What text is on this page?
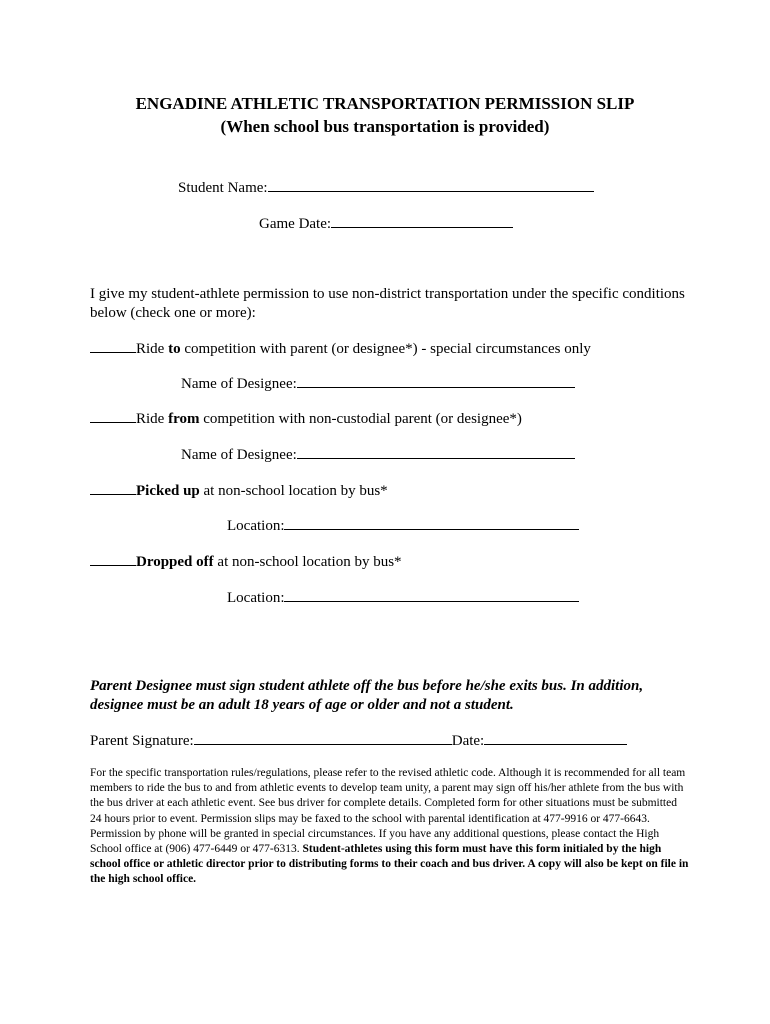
ENGADINE ATHLETIC TRANSPORTATION PERMISSION SLIP
(When school bus transportation is provided)
Student Name:
Game Date:
I give my student-athlete permission to use non-district transportation under the specific conditions below (check one or more):
Ride to competition with parent (or designee*) - special circumstances only
Name of Designee:
Ride from competition with non-custodial parent (or designee*)
Name of Designee:
Picked up at non-school location by bus*
Location:
Dropped off at non-school location by bus*
Location:
Parent Designee must sign student athlete off the bus before he/she exits bus. In addition, designee must be an adult 18 years of age or older and not a student.
Parent Signature:	Date:
For the specific transportation rules/regulations, please refer to the revised athletic code. Although it is recommended for all team members to ride the bus to and from athletic events to develop team unity, a parent may sign off his/her athlete from the bus with the bus driver at each athletic event. See bus driver for complete details. Completed form for other situations must be submitted 24 hours prior to event. Permission slips may be faxed to the school with parental identification at 477-9916 or 477-6643. Permission by phone will be granted in special circumstances. If you have any additional questions, please contact the High School office at (906) 477-6449 or 477-6313. Student-athletes using this form must have this form initialed by the high school office or athletic director prior to distributing forms to their coach and bus driver. A copy will also be kept on file in the high school office.
